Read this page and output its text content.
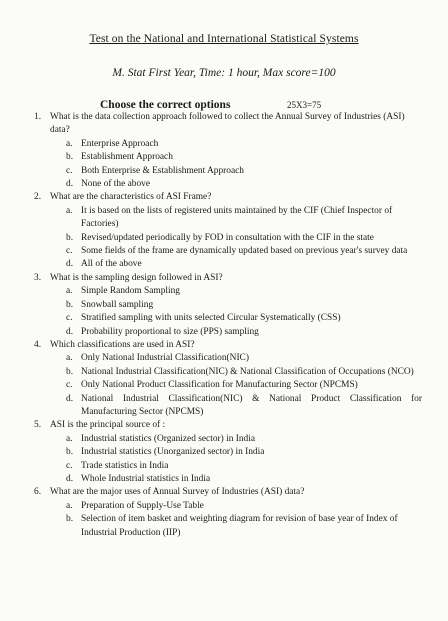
Test on the National and International Statistical Systems
M. Stat First Year, Time: 1 hour, Max score=100
Choose the correct options	25X3=75
1. What is the data collection approach followed to collect the Annual Survey of Industries (ASI) data?
a. Enterprise Approach
b. Establishment Approach
c. Both Enterprise & Establishment Approach
d. None of the above
2. What are the characteristics of ASI Frame?
a. It is based on the lists of registered units maintained by the CIF (Chief Inspector of Factories)
b. Revised/updated periodically by FOD in consultation with the CIF in the state
c. Some fields of the frame are dynamically updated based on previous year's survey data
d. All of the above
3. What is the sampling design followed in ASI?
a. Simple Random Sampling
b. Snowball sampling
c. Stratified sampling with units selected Circular Systematically (CSS)
d. Probability proportional to size (PPS) sampling
4. Which classifications are used in ASI?
a. Only National Industrial Classification(NIC)
b. National Industrial Classification(NIC) & National Classification of Occupations (NCO)
c. Only National Product Classification for Manufacturing Sector (NPCMS)
d. National Industrial Classification(NIC) & National Product Classification for Manufacturing Sector (NPCMS)
5. ASI is the principal source of :
a. Industrial statistics (Organized sector) in India
b. Industrial statistics (Unorganized sector) in India
c. Trade statistics in India
d. Whole Industrial statistics in India
6. What are the major uses of Annual Survey of Industries (ASI) data?
a. Preparation of Supply-Use Table
b. Selection of item basket and weighting diagram for revision of base year of Index of Industrial Production (IIP)
